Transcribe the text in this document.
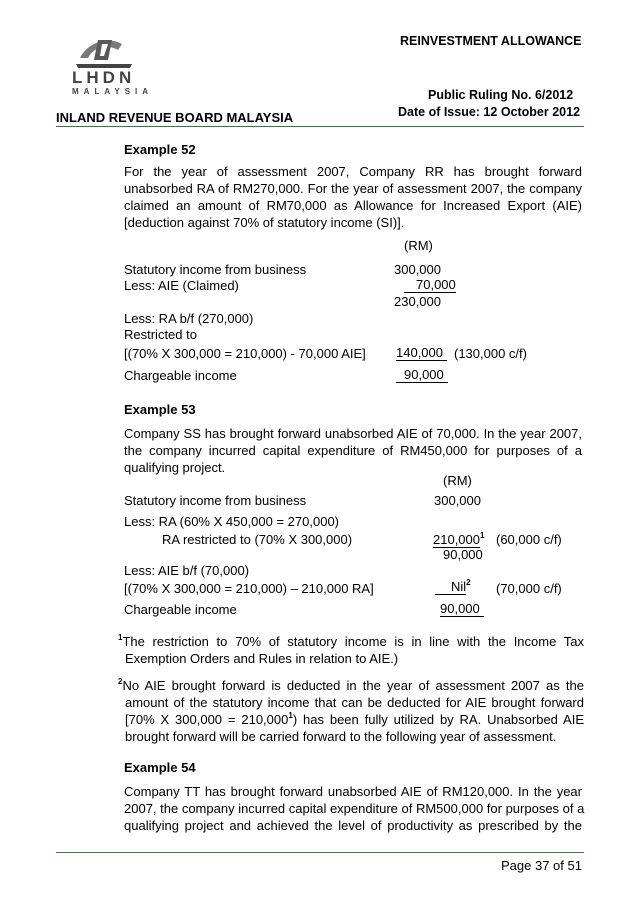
LHDN
MALAYSIA
REINVESTMENT ALLOWANCE
INLAND REVENUE BOARD MALAYSIA
Public Ruling No. 6/2012
Date of Issue: 12 October 2012
Example 52
For the year of assessment 2007, Company RR has brought forward
unabsorbed RA of RM270,000. For the year of assessment 2007, the company
claimed an amount of RM70,000 as Allowance for Increased Export (AIE)
[deduction against 70% of statutory income (SI)].
(RM)
Statutory income from business	300,000
Less: AIE (Claimed)	70,000
230,000
Less: RA b/f (270,000)
Restricted to
[(70% X 300,000 = 210,000) - 70,000 AIE] 140,000 (130,000 c/f)
Chargeable income	90,000
Example 53
Company SS has brought forward unabsorbed AIE of 70,000. In the year 2007,
the company incurred capital expenditure of RM450,000 for purposes of a
qualifying project.
(RM)
Statutory income from business	300,000
Less: RA (60% X 450,000 = 270,000)
RA restricted to (70% X 300,000)	210,000$^1$ (60,000 c/f)
90,000
Less: AIE b/f (70,000)
[(70% X 300,000 = 210,000) – 210,000 RA]	Nil$^2$ (70,000 c/f)
Chargeable income	90,000
$^1$The restriction to 70% of statutory income is in line with the Income Tax
Exemption Orders and Rules in relation to AIE.)
$^2$No AIE brought forward is deducted in the year of assessment 2007 as the
amount of the statutory income that can be deducted for AIE brought forward
[70% X $300,000 = 210,000^1$) has been fully utilized by RA. Unabsorbed AIE
brought forward will be carried forward to the following year of assessment.
Example 54
Company TT has brought forward unabsorbed AIE of RM120,000. In the year
2007, the company incurred capital expenditure of RM500,000 for purposes of a
qualifying project and achieved the level of productivity as prescribed by the
Page 37 of 51
